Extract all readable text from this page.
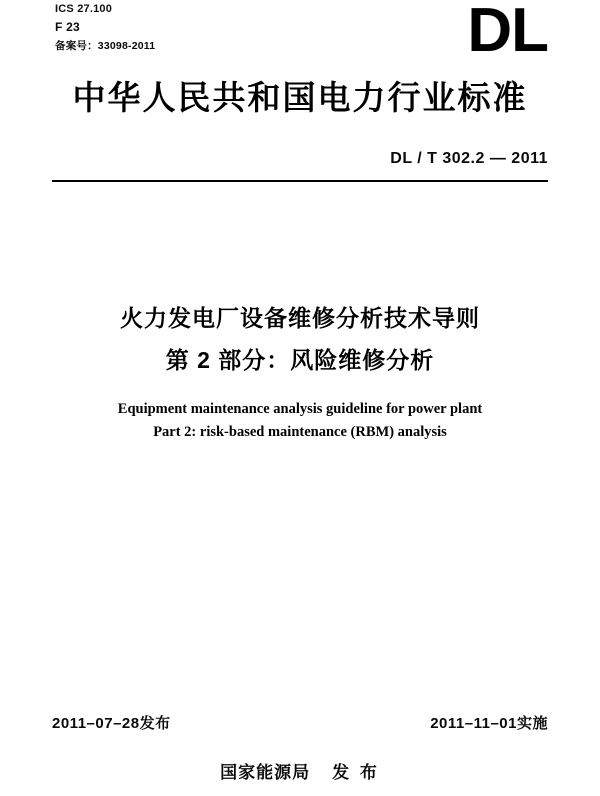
ICS 27.100
F 23
备案号：33098-2011	DL
中华人民共和国电力行业标准
DL / T 302.2 — 2011
火力发电厂设备维修分析技术导则
第 2 部分：风险维修分析
Equipment maintenance analysis guideline for power plant
Part 2: risk-based maintenance (RBM) analysis
2011–07–28发布	2011–11–01实施
国家能源局 发 布
